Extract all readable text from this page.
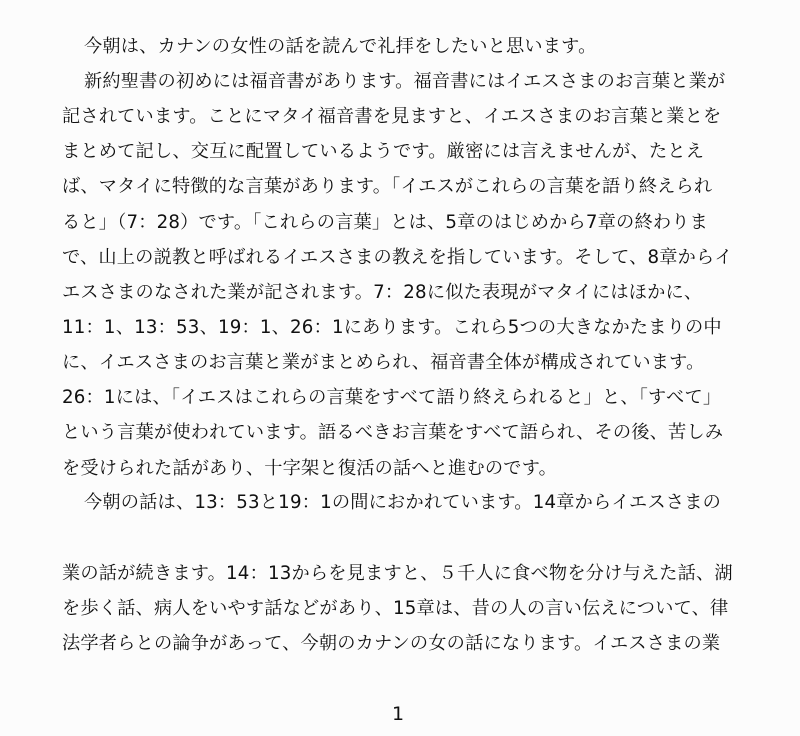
今朝は、カナンの女性の話を読んで礼拝をしたいと思います。
新約聖書の初めには福音書があります。福音書にはイエスさまのお言葉と業が
記されています。ことにマタイ福音書を見ますと、イエスさまのお言葉と業とを
まとめて記し、交互に配置しているようです。厳密には言えませんが、たとえ
ば、マタイに特徴的な言葉があります。「イエスがこれらの言葉を語り終えられ
ると」（7：28）です。「これらの言葉」とは、5章のはじめから7章の終わりま
で、山上の説教と呼ばれるイエスさまの教えを指しています。そして、8章からイ
エスさまのなされた業が記されます。7：28に似た表現がマタイにはほかに、
11：1、13：53、19：1、26：1にあります。これら5つの大きなかたまりの中
に、イエスさまのお言葉と業がまとめられ、福音書全体が構成されています。
26：1には、「イエスはこれらの言葉をすべて語り終えられると」と、「すべて」
という言葉が使われています。語るべきお言葉をすべて語られ、その後、苦しみ
を受けられた話があり、十字架と復活の話へと進むのです。
今朝の話は、13：53と19：1の間におかれています。14章からイエスさまの
業の話が続きます。14：13からを見ますと、５千人に食べ物を分け与えた話、湖
を歩く話、病人をいやす話などがあり、15章は、昔の人の言い伝えについて、律
法学者らとの論争があって、今朝のカナンの女の話になります。イエスさまの業
1
